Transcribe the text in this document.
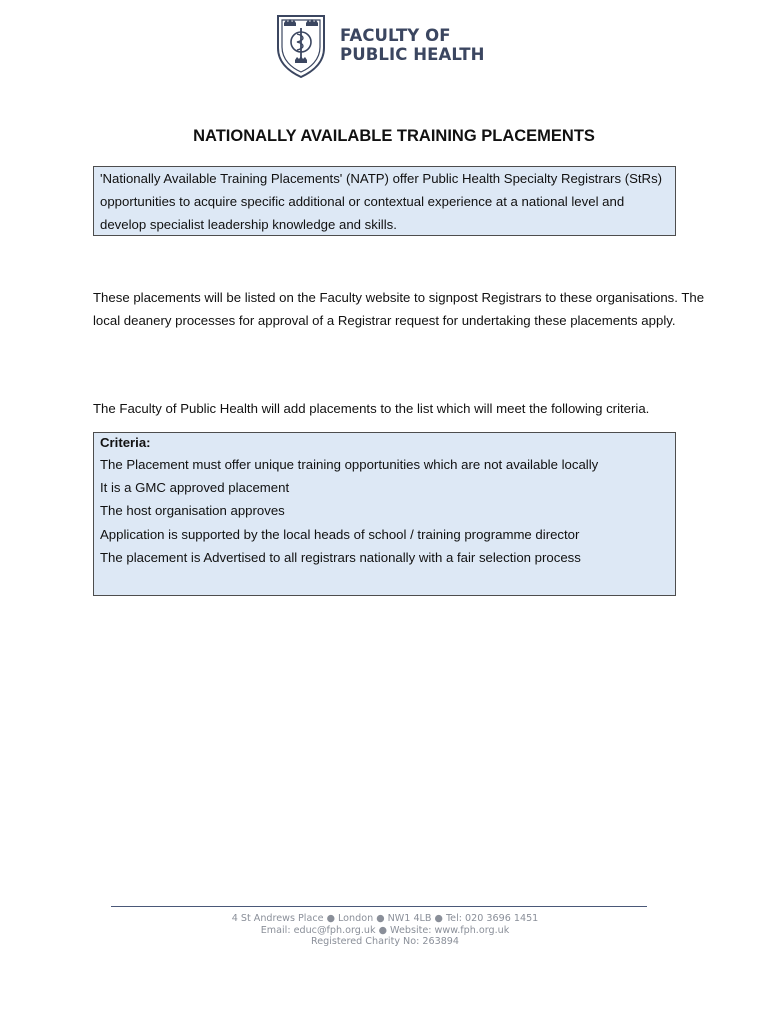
FACULTY OF
PUBLIC HEALTH
NATIONALLY AVAILABLE TRAINING PLACEMENTS

'Nationally Available Training Placements' (NATP) offer Public Health Specialty Registrars (StRs) opportunities to acquire specific additional or contextual experience at a national level and develop specialist leadership knowledge and skills.

These placements will be listed on the Faculty website to signpost Registrars to these organisations. The local deanery processes for approval of a Registrar request for undertaking these placements apply.

The Faculty of Public Health will add placements to the list which will meet the following criteria.

Criteria:

The Placement must offer unique training opportunities which are not available locally
It is a GMC approved placement
The host organisation approves
Application is supported by the local heads of school / training programme director
The placement is Advertised to all registrars nationally with a fair selection process
4 St Andrews Place ● London ● NW1 4LB ● Tel: 020 3696 1451
Email: educ@fph.org.uk ● Website: www.fph.org.uk
Registered Charity No: 263894
